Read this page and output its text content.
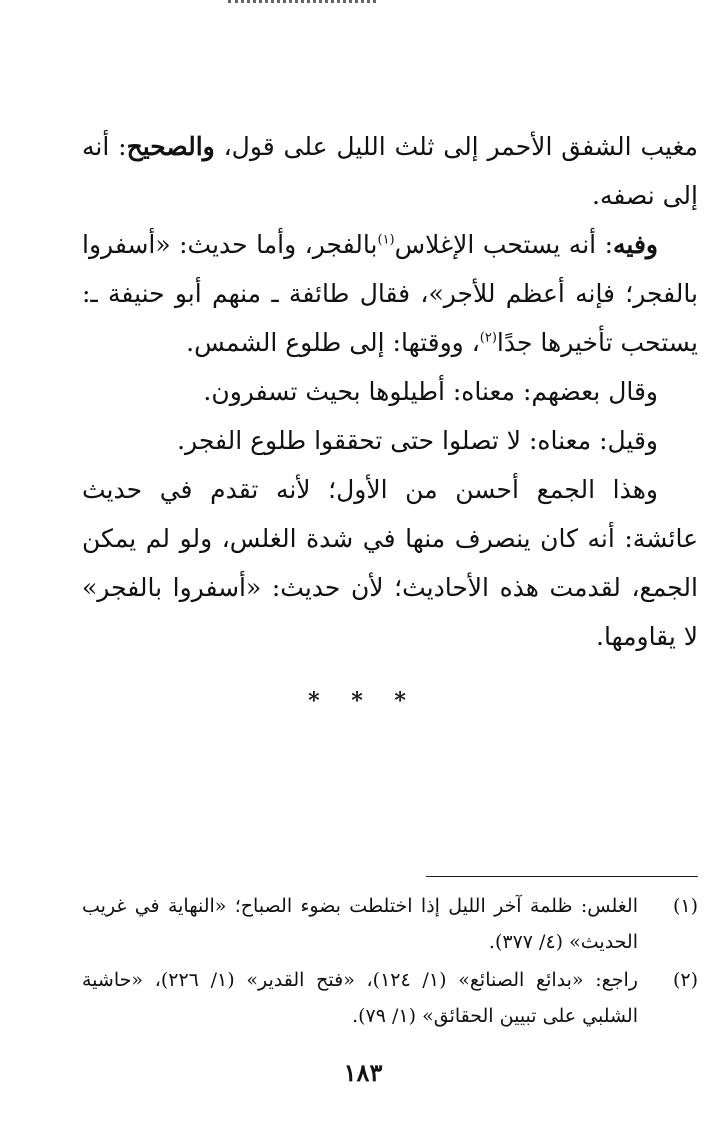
مغيب الشفق الأحمر إلى ثلث الليل على قول، والصحيح: أنه إلى نصفه.

وفيه: أنه يستحب الإغلاس$^{(١)}$بالفجر، وأما حديث: «أسفروا بالفجر؛ فإنه أعظم للأجر»، فقال طائفة ـ منهم أبو حنيفة ـ: يستحب تأخيرها جدًا$^{(٢)}$، ووقتها: إلى طلوع الشمس.

وقال بعضهم: معناه: أطيلوها بحيث تسفرون.

وقيل: معناه: لا تصلوا حتى تحققوا طلوع الفجر.

وهذا الجمع أحسن من الأول؛ لأنه تقدم في حديث عائشة: أنه كان ينصرف منها في شدة الغلس، ولو لم يمكن الجمع، لقدمت هذه الأحاديث؛ لأن حديث: «أسفروا بالفجر» لا يقاومها.

* * *
(١)
الغلس: ظلمة آخر الليل إذا اختلطت بضوء الصباح؛ «النهاية في غريب الحديث» (٤/ ٣٧٧).
(٢)
راجع: «بدائع الصنائع» (١/ ١٢٤)، «فتح القدير» (١/ ٢٢٦)، «حاشية الشلبي على تبيين الحقائق» (١/ ٧٩).
١٨٣
